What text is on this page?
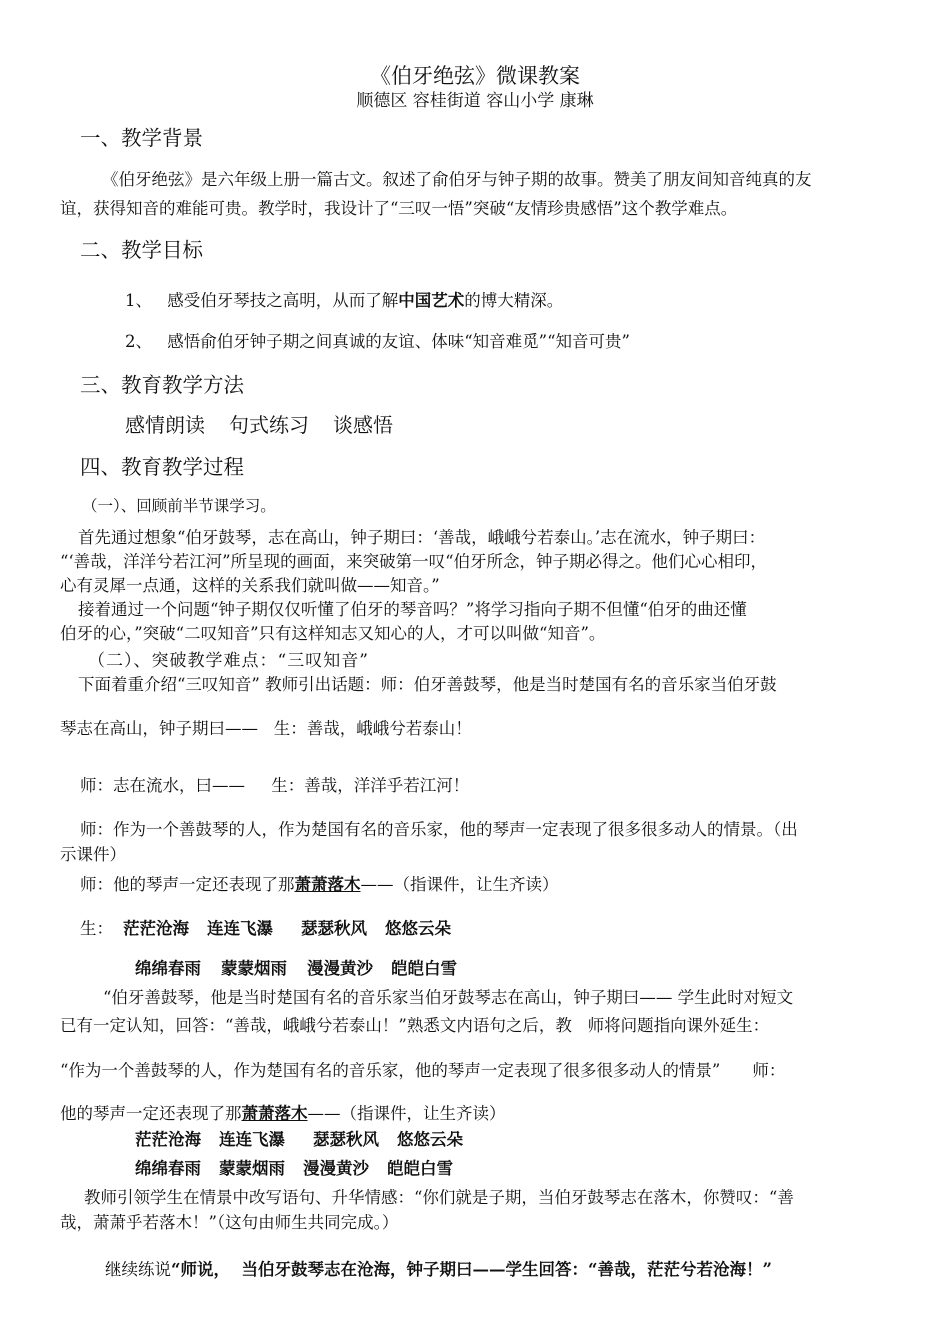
《伯牙绝弦》微课教案
顺德区 容桂街道 容山小学 康琳
一、教学背景
《伯牙绝弦》是六年级上册一篇古文。叙述了俞伯牙与钟子期的故事。赞美了朋友间知音纯真的友
谊，获得知音的难能可贵。教学时，我设计了“三叹一悟”突破“友情珍贵感悟”这个教学难点。
二、教学目标
1、 感受伯牙琴技之高明，从而了解中国艺术的博大精深。
2、 感悟俞伯牙钟子期之间真诚的友谊、体味“知音难觅”“知音可贵”
三、教育教学方法
感情朗读 句式练习 谈感悟
四、教育教学过程
（一）、回顾前半节课学习。
首先通过想象“伯牙鼓琴，志在高山，钟子期曰：‘善哉，峨峨兮若泰山。’志在流水，钟子期曰：
“‘善哉，洋洋兮若江河”所呈现的画面，来突破第一叹“伯牙所念，钟子期必得之。他们心心相印，
心有灵犀一点通，这样的关系我们就叫做——知音。”
接着通过一个问题“钟子期仅仅听懂了伯牙的琴音吗？”将学习指向子期不但懂“伯牙的曲还懂
伯牙的心，”突破“二叹知音”只有这样知志又知心的人，才可以叫做“知音”。
（二）、突破教学难点：“三叹知音”
下面着重介绍“三叹知音” 教师引出话题：师：伯牙善鼓琴，他是当时楚国有名的音乐家当伯牙鼓
琴志在高山，钟子期曰——   生：善哉，峨峨兮若泰山！
师：志在流水，曰——     生：善哉，洋洋乎若江河！
师：作为一个善鼓琴的人，作为楚国有名的音乐家，他的琴声一定表现了很多很多动人的情景。（出
示课件）
师：他的琴声一定还表现了那萧萧落木——（指课件，让生齐读）
生： 茫茫沧海 连连飞瀑 瑟瑟秋风 悠悠云朵
绵绵春雨 蒙蒙烟雨 漫漫黄沙 皑皑白雪
“伯牙善鼓琴，他是当时楚国有名的音乐家当伯牙鼓琴志在高山，钟子期曰—— 学生此时对短文
已有一定认知，回答：“善哉，峨峨兮若泰山！”熟悉文内语句之后，教   师将问题指向课外延生：
“作为一个善鼓琴的人，作为楚国有名的音乐家，他的琴声一定表现了很多很多动人的情景” 师：
他的琴声一定还表现了那萧萧落木——（指课件，让生齐读）
茫茫沧海 连连飞瀑 瑟瑟秋风 悠悠云朵
绵绵春雨 蒙蒙烟雨 漫漫黄沙 皑皑白雪
教师引领学生在情景中改写语句、升华情感：“你们就是子期，当伯牙鼓琴志在落木，你赞叹：“善
哉，萧萧乎若落木！”（这句由师生共同完成。）

继续练说“师说，  当伯牙鼓琴志在沧海，钟子期曰——学生回答：“善哉，茫茫兮若沧海！”
